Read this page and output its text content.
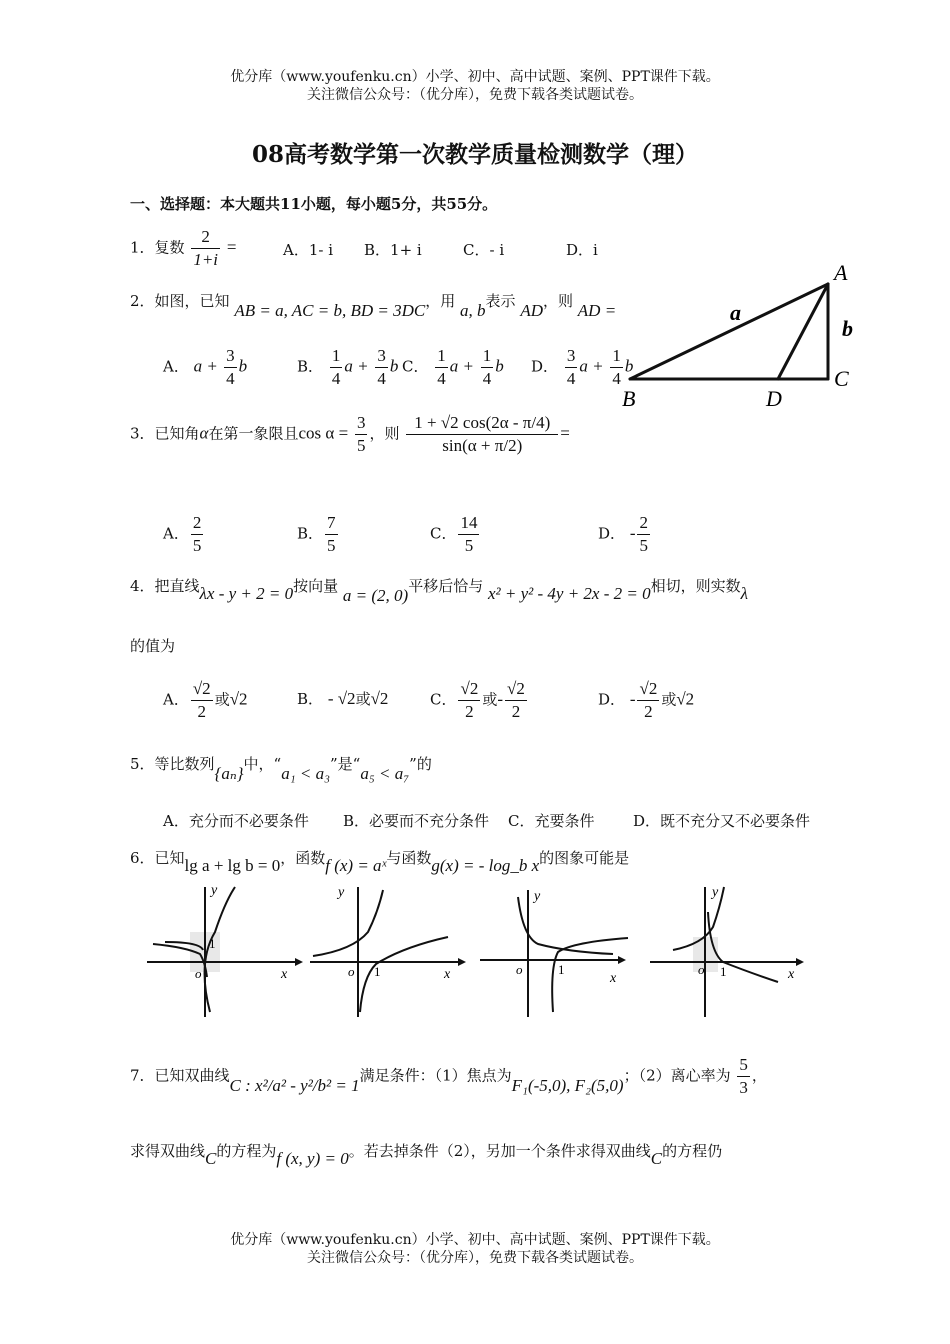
优分库（www.youfenku.cn）小学、初中、高中试题、案例、PPT课件下载。
关注微信公众号：（优分库），免费下载各类试题试卷。
08高考数学第一次教学质量检测数学（理）
一、选择题：本大题共11小题，每小题5分，共55分。
1．复数 $\frac{2}{1+i}$ =	A．1- i B．1+ i	C．- i	D．i
2．如图，已知 AB = a, AC = b, BD = 3DC，用 a, b表示 AD，则 AD =
A． $a + \frac{3}{4}$ b	B． $\frac{1}{4}$ $a + \frac{3}{4}$ b C． $\frac{1}{4}$ $a + \frac{1}{4}$ b D． $\frac{3}{4}$ $a + \frac{1}{4}$ b
A
B
C
D
a
b
3．已知角α在第一象限且$\cos \alpha = \frac{3}{5}$ ，则 $\frac{1 + √2 \cos(2\alpha - \pi/4)}{\sin(\alpha + \pi/2)}$ =
A． $\frac{2}{5}$	B． $\frac{7}{5}$	C． $\frac{14}{5}$	D． - $\frac{2}{5}$
4．把直线λx - y + 2 = 0按向量 a = (2, 0)平移后恰与 x² + y² - 4y + 2x - 2 = 0相切，则实数λ
的值为
A． $\frac{√2}{2}$ 或√2	B． - √2或√2	C． $\frac{√2}{2}$ 或- $\frac{√2}{2}$	D． - $\frac{√2}{2}$ 或√2
5．等比数列{aₙ}中，“a₁ < a₃”是“a₅ < a₇”的
A．充分而不必要条件 B．必要而不充分条件 C．充要条件	D．既不充分又不必要条件
6．已知lg a + lg b = 0，函数f (x) = aˣ与函数g(x) = - log_b x的图象可能是
y
x
o
1
y
x
o 1
y
x
o	1
y
x
o 1
7．已知双曲线C : x²/a² - y²/b² = 1满足条件：（1）焦点为F₁(-5,0), F₂(5,0)；（2）离心率为 $\frac{5}{3}$ ，
求得双曲线C的方程为f (x, y) = 0。若去掉条件（2），另加一个条件求得双曲线C的方程仍
优分库（www.youfenku.cn）小学、初中、高中试题、案例、PPT课件下载。
关注微信公众号：（优分库），免费下载各类试题试卷。
